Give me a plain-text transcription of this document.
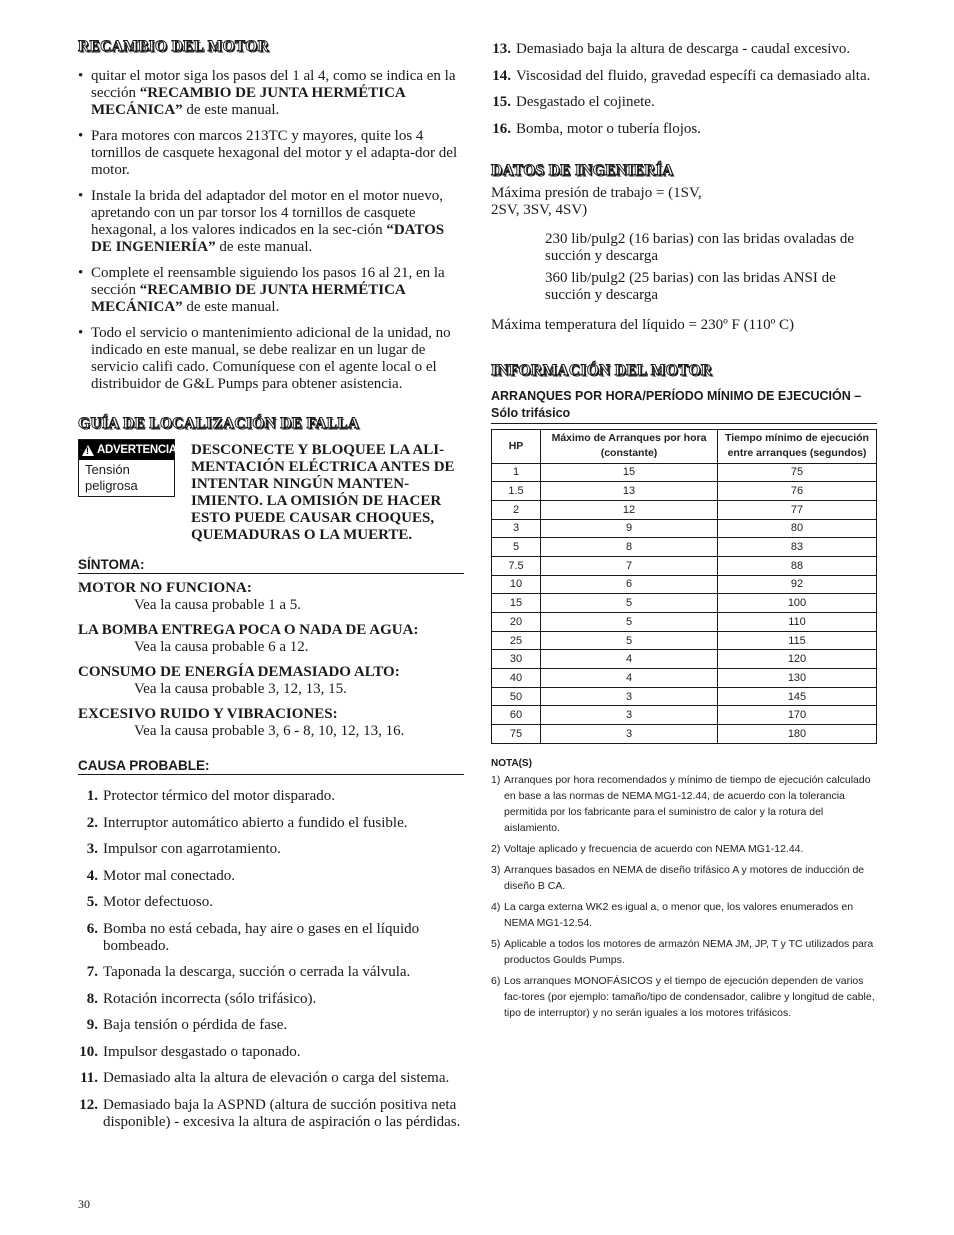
RECAMBIO DEL MOTOR
• quitar el motor siga los pasos del 1 al 4, como se indica en la sección “RECAMBIO DE JUNTA HERMÉTICA MECÁNICA” de este manual.
• Para motores con marcos 213TC y mayores, quite los 4 tornillos de casquete hexagonal del motor y el adapta-dor del motor.
• Instale la brida del adaptador del motor en el motor nuevo, apretando con un par torsor los 4 tornillos de casquete hexagonal, a los valores indicados en la sec-ción “DATOS DE INGENIERÍA” de este manual.
• Complete el reensamble siguiendo los pasos 16 al 21, en la sección “RECAMBIO DE JUNTA HERMÉTICA MECÁNICA” de este manual.
• Todo el servicio o mantenimiento adicional de la unidad, no indicado en este manual, se debe realizar en un lugar de servicio califi cado. Comuníquese con el agente local o el distribuidor de G&L Pumps para obtener asistencia.
GUÍA DE LOCALIZACIÓN DE FALLA
! ADVERTENCIA
Tensión peligrosa
DESCONECTE Y BLOQUEE LA ALI-MENTACIÓN ELÉCTRICA ANTES DE INTENTAR NINGÚN MANTEN-IMIENTO. LA OMISIÓN DE HACER ESTO PUEDE CAUSAR CHOQUES, QUEMADURAS O LA MUERTE.
SÍNTOMA:
MOTOR NO FUNCIONA:
Vea la causa probable 1 a 5.
LA BOMBA ENTREGA POCA O NADA DE AGUA:
Vea la causa probable 6 a 12.
CONSUMO DE ENERGÍA DEMASIADO ALTO:
Vea la causa probable 3, 12, 13, 15.
EXCESIVO RUIDO Y VIBRACIONES:
Vea la causa probable 3, 6 - 8, 10, 12, 13, 16.
CAUSA PROBABLE:
1. Protector térmico del motor disparado.
2. Interruptor automático abierto a fundido el fusible.
3. Impulsor con agarrotamiento.
4. Motor mal conectado.
5. Motor defectuoso.
6. Bomba no está cebada, hay aire o gases en el líquido bombeado.
7. Taponada la descarga, succión o cerrada la válvula.
8. Rotación incorrecta (sólo trifásico).
9. Baja tensión o pérdida de fase.
10. Impulsor desgastado o taponado.
11. Demasiado alta la altura de elevación o carga del sistema.
12. Demasiado baja la ASPND (altura de succión positiva neta disponible) - excesiva la altura de aspiración o las pérdidas.
13. Demasiado baja la altura de descarga - caudal excesivo.
14. Viscosidad del fluido, gravedad específi ca demasiado alta.
15. Desgastado el cojinete.
16. Bomba, motor o tubería flojos.
DATOS DE INGENIERÍA
Máxima presión de trabajo = (1SV, 2SV, 3SV, 4SV)
230 lib/pulg2 (16 barias) con las bridas ovaladas de succión y descarga
360 lib/pulg2 (25 barias) con las bridas ANSI de succión y descarga
Máxima temperatura del líquido = 230º F (110º C)
INFORMACIÓN DEL MOTOR
ARRANQUES POR HORA/PERÍODO MÍNIMO DE EJECUCIÓN – Sólo trifásico
HP	Máximo de Arranques por hora (constante)	Tiempo mínimo de ejecución entre arranques (segundos)
1	15	75
1.5	13	76
2	12	77
3	9	80
5	8	83
7.5	7	88
10	6	92
15	5	100
20	5	110
25	5	115
30	4	120
40	4	130
50	3	145
60	3	170
75	3	180
NOTA(S)
1) Arranques por hora recomendados y mínimo de tiempo de ejecución calculado en base a las normas de NEMA MG1-12.44, de acuerdo con la tolerancia permitida por los fabricante para el suministro de calor y la rotura del aislamiento.
2) Voltaje aplicado y frecuencia de acuerdo con NEMA MG1-12.44.
3) Arranques basados en NEMA de diseño trifásico A y motores de inducción de diseño B CA.
4) La carga externa WK2 es igual a, o menor que, los valores enumerados en NEMA MG1-12.54.
5) Aplicable a todos los motores de armazón NEMA JM, JP, T y TC utilizados para productos Goulds Pumps.
6) Los arranques MONOFÁSICOS y el tiempo de ejecución dependen de varios fac-tores (por ejemplo: tamaño/tipo de condensador, calibre y longitud de cable, tipo de interruptor) y no serán iguales a los motores trifásicos.
30
